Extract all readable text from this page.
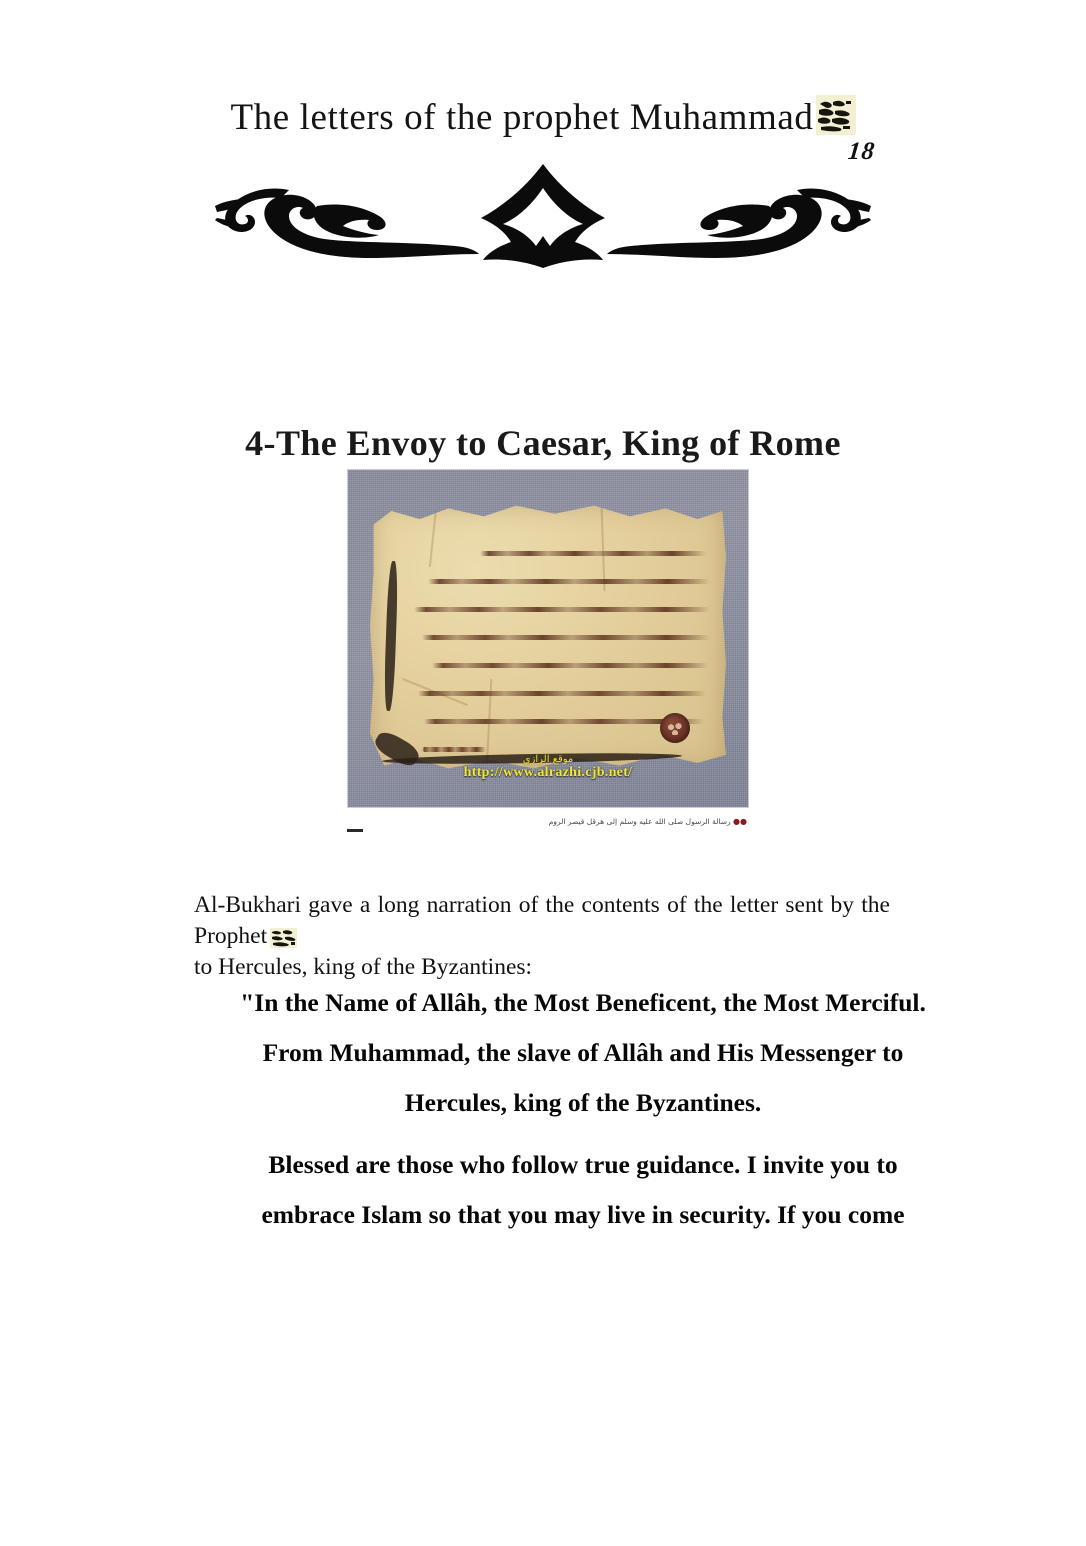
The letters of the prophet Muhammad
18
4-The Envoy to Caesar, King of Rome
موقع الرازي
http://www.alrazhi.cjb.net/
●● رسالة الرسول صلى الله عليه وسلم إلى هرقل قيصر الروم

Al-Bukhari gave a long narration of the contents of the letter sent by the Prophet
to Hercules, king of the Byzantines:

"In the Name of Allâh, the Most Beneficent, the Most Merciful.
From Muhammad, the slave of Allâh and His Messenger to
Hercules, king of the Byzantines.
Blessed are those who follow true guidance. I invite you to
embrace Islam so that you may live in security. If you come
